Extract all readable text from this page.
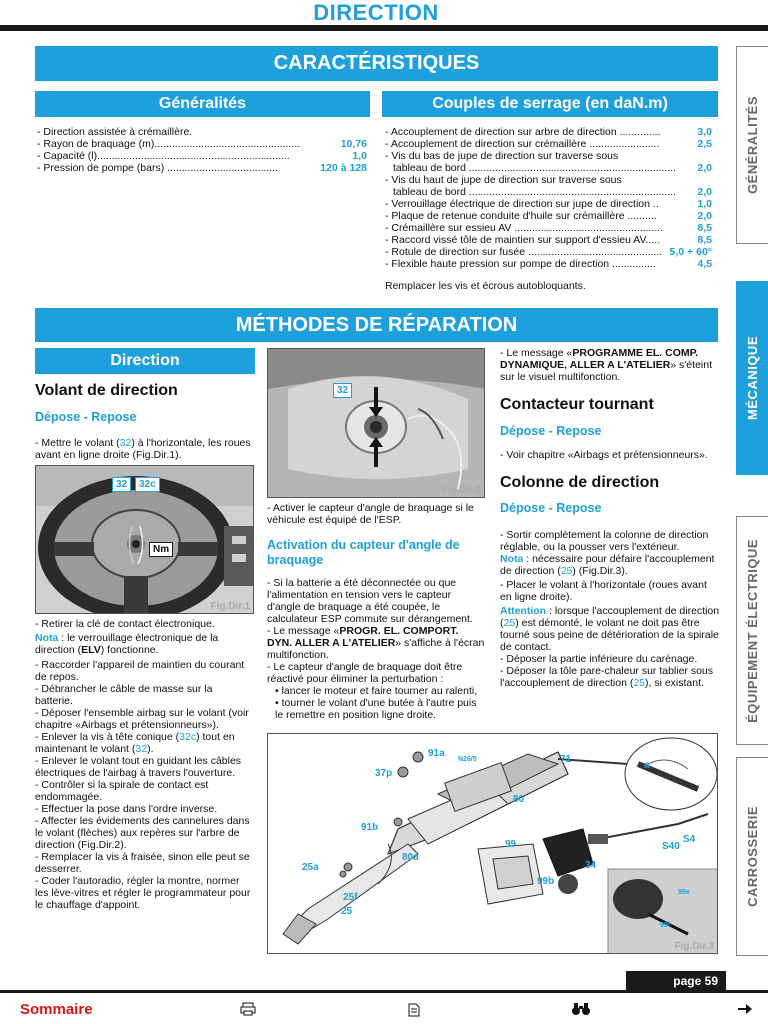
DIRECTION
CARACTÉRISTIQUES
Généralités

- Direction assistée à crémaillère.

- Rayon de braquage (m)..................................................	10,76

- Capacité (l)..................................................................	1,0

- Pression de pompe (bars) ......................................	120 à 128

Couples de serrage (en daN.m)

- Accouplement de direction sur arbre de direction ..............	3,0

- Accouplement de direction sur crémaillère ........................	2,5

- Vis du bas de jupe de direction sur traverse sous

tableau de bord .......................................................................	2,0

- Vis du haut de jupe de direction sur traverse sous

tableau de bord .......................................................................	2,0

- Verrouillage électrique de direction sur jupe de direction ..	1,0

- Plaque de retenue conduite d'huile sur crémaillère ..........	2,0

- Crémaillère sur essieu AV ...................................................	8,5

- Raccord vissé tôle de maintien sur support d'essieu AV.....	8,5

- Rotule de direction sur fusée .............................................. 5,0 + 60°

- Flexible haute pression sur pompe de direction ...............	4,5

Remplacer les vis et écrous autobloquants.

MÉTHODES DE RÉPARATION
Direction
Volant de direction
Dépose - Repose
- Mettre le volant (32) à l'horizontale, les roues avant en ligne droite (Fig.Dir.1).
32	32c
Nm
Fig.Dir.1

- Retirer la clé de contact électronique.

Nota : le verrouillage électronique de la direction (ELV) fonctionne.

- Raccorder l'appareil de maintien du courant de repos.

- Débrancher le câble de masse sur la batterie.

- Déposer l'ensemble airbag sur le volant (voir chapitre «Airbags et prétensionneurs»).

- Enlever la vis à tête conique (32c) tout en maintenant le volant (32).

- Enlever le volant tout en guidant les câbles électriques de l'airbag à travers l'ouverture.

- Contrôler si la spirale de contact est endommagée.

- Effectuer la pose dans l'ordre inverse.

- Affecter les évidements des cannelures dans le volant (flèches) aux repères sur l'arbre de direction (Fig.Dir.2).

- Remplacer la vis à fraisée, sinon elle peut se desserrer.

- Coder l'autoradio, régler la montre, normer les lève-vitres et régler le programmateur pour le chauffage d'appoint.

32
Fig.Dir.2

- Activer le capteur d'angle de braquage si le véhicule est équipé de l'ESP.

Activation du capteur d'angle de braquage

- Si la batterie a été déconnectée ou que l'alimentation en tension vers le capteur d'angle de braquage a été coupée, le calculateur ESP commute sur dérangement.

- Le message «PROGR. EL. COMPORT. DYN. ALLER A L'ATELIER» s'affiche à l'écran multifonction.

- Le capteur d'angle de braquage doit être réactivé pour éliminer la perturbation :

• lancer le moteur et faire tourner au ralenti,

• tourner le volant d'une butée à l'autre puis le remettre en position ligne droite.

- Le message «PROGRAMME EL. COMP. DYNAMIQUE, ALLER A L'ATELIER» s'éteint sur le visuel multifonction.

Contacteur tournant
Dépose - Repose
- Voir chapitre «Airbags et prétensionneurs».
Colonne de direction
Dépose - Repose

- Sortir complètement la colonne de direction réglable, ou la pousser vers l'extérieur.

Nota : nécessaire pour défaire l'accouplement de direction (25) (Fig.Dir.3).

- Placer le volant à l'horizontale (roues avant en ligne droite).

Attention : lorsque l'accouplement de direction (25) est démonté, le volant ne doit pas être tourné sous peine de détérioration de la spirale de contact.

- Déposer la partie inférieure du carénage.

- Déposer la tôle pare-chaleur sur tablier sous l'accouplement de direction (25), si existant.

91a
N26/5	71
37p
80
91b
80a
25a
25f
25
99
34
99b
a
S4
S40
99e
99f
Fig.Dir.3
GÉNÉRALITÉS
MÉCANIQUE
ÉQUIPEMENT ÉLECTRIQUE
CARROSSERIE
page 59
Sommaire
